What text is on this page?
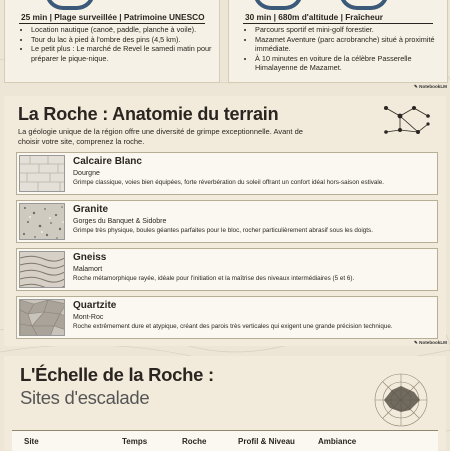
25 min | Plage surveillée | Patrimoine UNESCO
• Location nautique (canoë, paddle, planche à voile).
• Tour du lac à pied à l'ombre des pins (4,5 km).
• Le petit plus : Le marché de Revel le samedi matin pour préparer le pique-nique.
30 min | 680m d'altitude | Fraîcheur
• Parcours sportif et mini-golf forestier.
• Mazamet Aventure (parc acrobranche) situé à proximité immédiate.
• À 10 minutes en voiture de la célèbre Passerelle Himalayenne de Mazamet.
✎ NotebookLM
La Roche : Anatomie du terrain
La géologie unique de la région offre une diversité de grimpe exceptionnelle. Avant de choisir votre site, comprenez la roche.
Calcaire Blanc
Dourgne
Grimpe classique, voies bien équipées, forte réverbération du soleil offrant un confort idéal hors-saison estivale.
Granite
Gorges du Banquet & Sidobre
Grimpe très physique, boules géantes parfaites pour le bloc, rocher particulièrement abrasif sous les doigts.
Gneiss
Malamort
Roche métamorphique rayée, idéale pour l'initiation et la maîtrise des niveaux intermédiaires (5 et 6).
Quartzite
Mont-Roc
Roche extrêmement dure et atypique, créant des parois très verticales qui exigent une grande précision technique.
✎ NotebookLM
L'Échelle de la Roche :
Sites d'escalade
Site	Temps	Roche	Profil & Niveau	Ambiance
